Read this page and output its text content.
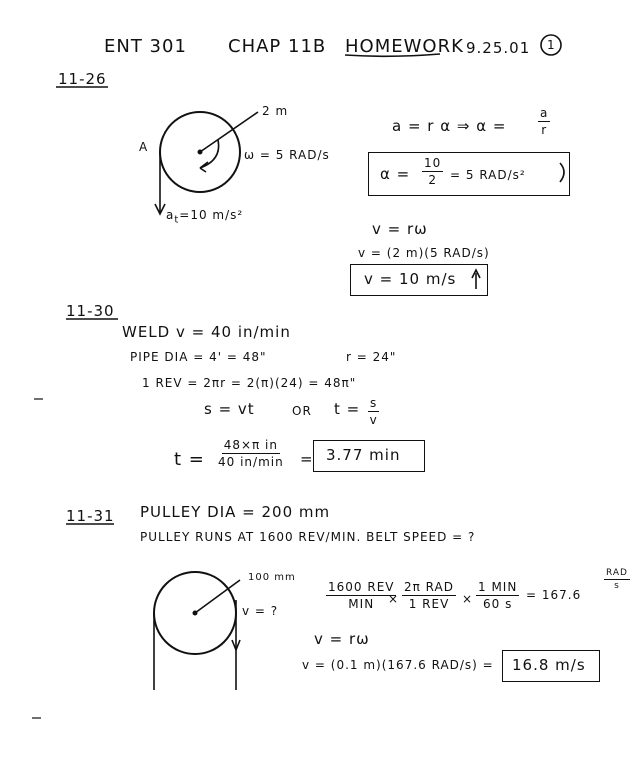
ENT 301 CHAP 11B HOMEWORK 9.25.01 1
11-26
2 m
A
ω = 5 RAD/s
$a_t=10$ m/s²
a = r α ⇒ α =	$\frac{a}{r}$
$\alpha = \frac{10}{2} = 5$ RAD/s²
v = rω
v = (2 m)(5 RAD/s)
v = 10 m/s
11-30
WELD v = 40 in/min
PIPE DIA = 4' = 48"	r = 24"
1 REV = 2πr = 2(π)(24) = 48π"
s = vt	OR $t = \frac{s}{v}$
t =
48×π in
40 in/min = 3.77 min
11-31 PULLEY DIA = 200 mm
PULLEY RUNS AT 1600 REV/MIN. BELT SPEED = ?
100 mm
v = ?
1600 REV
MIN ×
2π RAD
1 REV ×
1 MIN
60 s
= 167.6
RAD
s
v = rω
v = (0.1 m)(167.6 RAD/s) = 16.8 m/s
